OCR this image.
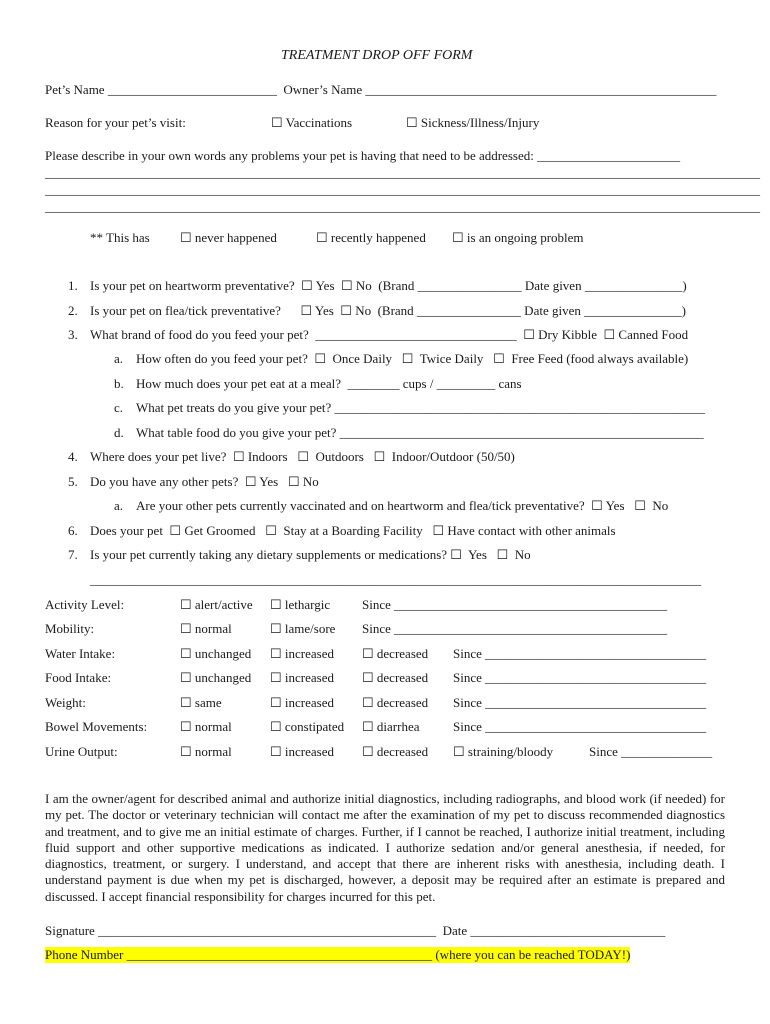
TREATMENT DROP OFF FORM
Pet’s Name __________________________  Owner’s Name ______________________________________________________
Reason for your pet’s visit:	☐ Vaccinations	☐ Sickness/Illness/Injury
Please describe in your own words any problems your pet is having that need to be addressed: ______________________
______________________________________________________________________________________________________________
______________________________________________________________________________________________________________
______________________________________________________________________________________________________________
** This has ☐ never happened	☐ recently happened ☐ is an ongoing problem
1. Is your pet on heartworm preventative?  ☐ Yes  ☐ No  (Brand ________________ Date given _______________)
2. Is your pet on flea/tick preventative?      ☐ Yes  ☐ No  (Brand ________________ Date given _______________)
3. What brand of food do you feed your pet?  _______________________________  ☐ Dry Kibble  ☐ Canned Food
a. How often do you feed your pet?  ☐  Once Daily   ☐  Twice Daily   ☐  Free Feed (food always available)
b. How much does your pet eat at a meal?  ________ cups / _________ cans
c. What pet treats do you give your pet? _________________________________________________________
d. What table food do you give your pet? ________________________________________________________
4. Where does your pet live?  ☐ Indoors   ☐  Outdoors   ☐  Indoor/Outdoor (50/50)
5. Do you have any other pets?  ☐ Yes   ☐ No
a. Are your other pets currently vaccinated and on heartworm and flea/tick preventative?  ☐ Yes   ☐  No
6. Does your pet  ☐ Get Groomed   ☐  Stay at a Boarding Facility   ☐ Have contact with other animals
7. Is your pet currently taking any dietary supplements or medications? ☐  Yes   ☐  No
______________________________________________________________________________________________
Activity Level:	☐ alert/active ☐ lethargic Since __________________________________________
Mobility:	☐ normal	☐ lame/sore Since __________________________________________
Water Intake:	☐ unchanged ☐ increased ☐ decreased Since __________________________________
Food Intake:	☐ unchanged ☐ increased ☐ decreased Since __________________________________
Weight:	☐ same	☐ increased ☐ decreased Since __________________________________
Bowel Movements:	☐ normal	☐ constipated ☐ diarrhea	Since __________________________________
Urine Output:	☐ normal	☐ increased ☐ decreased ☐ straining/bloody	Since ______________
I am the owner/agent for described animal and authorize initial diagnostics, including radiographs, and blood work (if needed) for my pet. The doctor or veterinary technician will contact me after the examination of my pet to discuss recommended diagnostics and treatment, and to give me an initial estimate of charges. Further, if I cannot be reached, I authorize initial treatment, including fluid support and other supportive medications as indicated. I authorize sedation and/or general anesthesia, if needed, for diagnostics, treatment, or surgery. I understand, and accept that there are inherent risks with anesthesia, including death. I understand payment is due when my pet is discharged, however, a deposit may be required after an estimate is prepared and discussed. I accept financial responsibility for charges incurred for this pet.
Signature ____________________________________________________  Date ______________________________
Phone Number _______________________________________________ (where you can be reached TODAY!)
